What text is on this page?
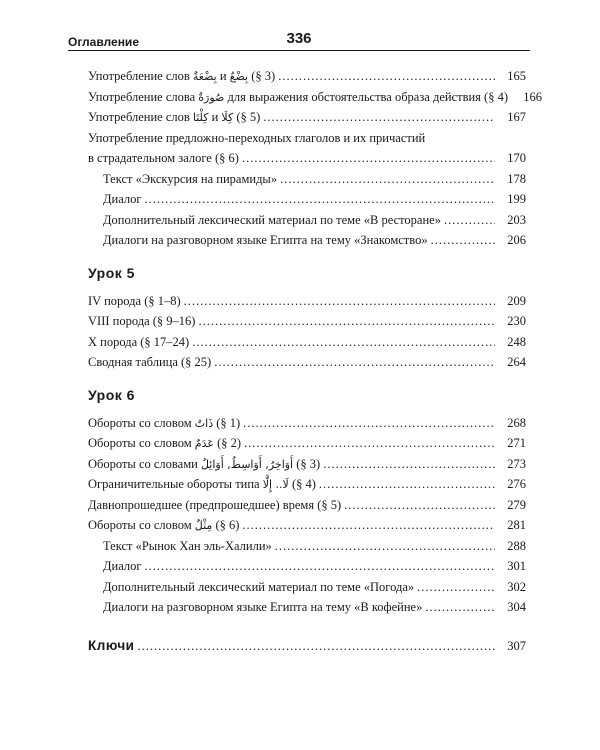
Оглавление	336
Употребление слов بِضْعَةٌ и بِضْعٌ (§ 3) .....	165
Употребление слова صُورَةٌ для выражения обстоятельства образа действия (§ 4)	166
Употребление слов كِلْتَا и كِلَا (§ 5) .....	167
Употребление предложно-переходных глаголов и их причастий
в страдательном залоге (§ 6) .....	170
Текст «Экскурсия на пирамиды» .....	178
Диалог .....	199
Дополнительный лексический материал по теме «В ресторане» .....	203
Диалоги на разговорном языке Египта на тему «Знакомство» .....	206
Урок 5
IV порода (§ 1–8) .....	209
VIII порода (§ 9–16) .....	230
X порода (§ 17–24) .....	248
Сводная таблица (§ 25) .....	264
Урок 6
Обороты со словом ذَاتٌ (§ 1) .....	268
Обороты со словом عَدَمٌ (§ 2) .....	271
Обороты со словами أَوَاخِرُ, أَوَاسِطُ, أَوَائِلُ (§ 3) .....	273
Ограничительные обороты типа لَا.. إِلَّا (§ 4) .....	276
Давнопрошедшее (предпрошедшее) время (§ 5) .....	279
Обороты со словом مِثْلٌ (§ 6) .....	281
Текст «Рынок Хан эль-Халили» .....	288
Диалог .....	301
Дополнительный лексический материал по теме «Погода» .....	302
Диалоги на разговорном языке Египта на тему «В кофейне» .....	304
Ключи .....	307
